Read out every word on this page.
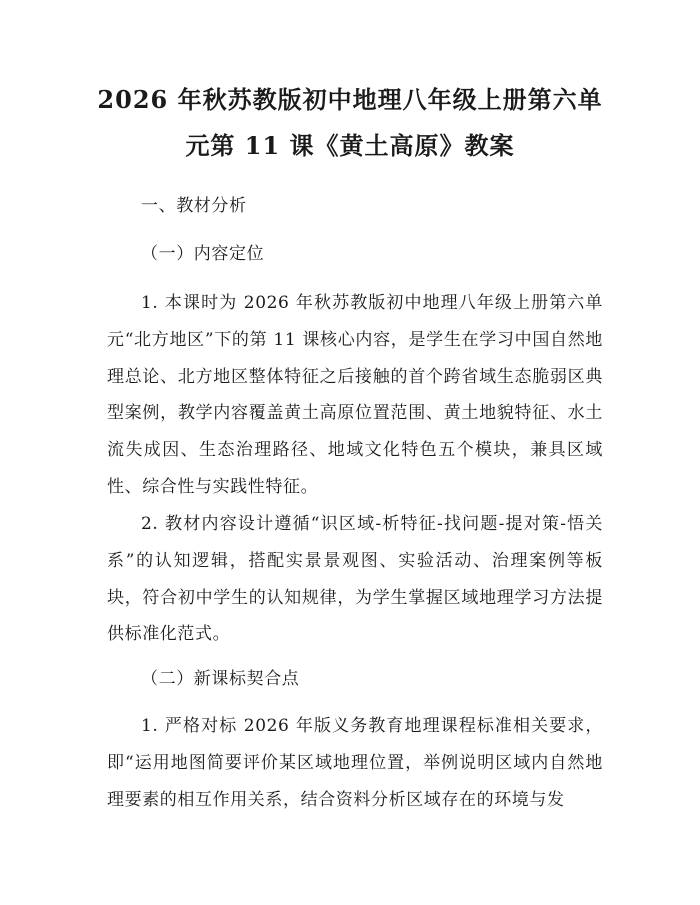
2026 年秋苏教版初中地理八年级上册第六单
元第 11 课《黄土高原》教案
一、教材分析
（一）内容定位
1. 本课时为 2026 年秋苏教版初中地理八年级上册第六单元“北方地区”下的第 11 课核心内容，是学生在学习中国自然地理总论、北方地区整体特征之后接触的首个跨省域生态脆弱区典型案例，教学内容覆盖黄土高原位置范围、黄土地貌特征、水土流失成因、生态治理路径、地域文化特色五个模块，兼具区域性、综合性与实践性特征。
2. 教材内容设计遵循“识区域-析特征-找问题-提对策-悟关系”的认知逻辑，搭配实景景观图、实验活动、治理案例等板块，符合初中学生的认知规律，为学生掌握区域地理学习方法提供标准化范式。
（二）新课标契合点
1. 严格对标 2026 年版义务教育地理课程标准相关要求，即“运用地图简要评价某区域地理位置，举例说明区域内自然地理要素的相互作用关系，结合资料分析区域存在的环境与发
